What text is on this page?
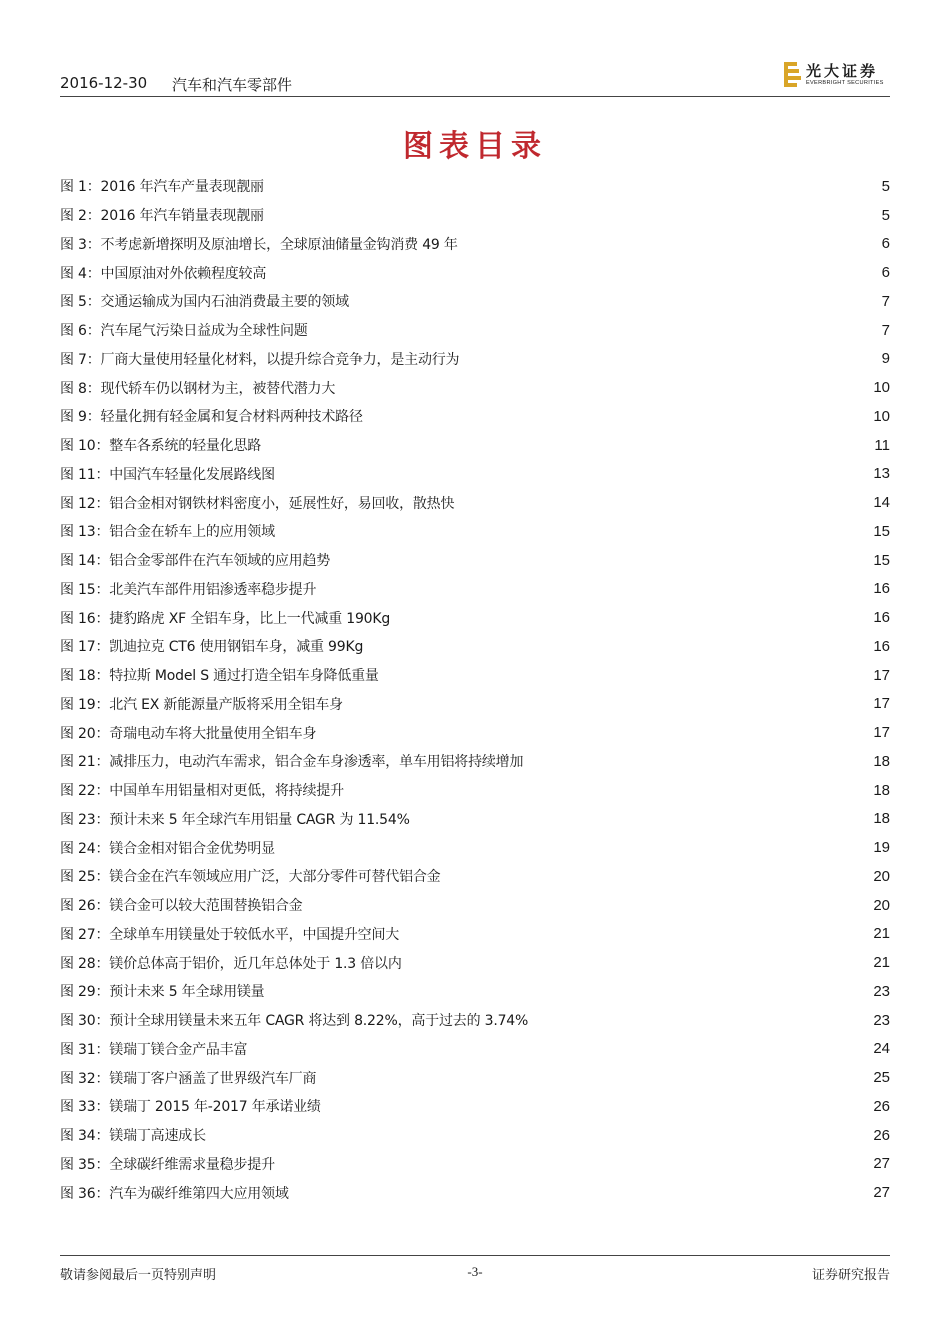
2016-12-30 汽车和汽车零部件
光大证券
EVERBRIGHT SECURITIES
图表目录
图 1：2016 年汽车产量表现靓丽	5
图 2：2016 年汽车销量表现靓丽	5
图 3：不考虑新增探明及原油增长，全球原油储量金钩消费 49 年	6
图 4：中国原油对外依赖程度较高	6
图 5：交通运输成为国内石油消费最主要的领域	7
图 6：汽车尾气污染日益成为全球性问题	7
图 7：厂商大量使用轻量化材料，以提升综合竞争力，是主动行为	9
图 8：现代轿车仍以钢材为主，被替代潜力大	10
图 9：轻量化拥有轻金属和复合材料两种技术路径	10
图 10：整车各系统的轻量化思路	11
图 11：中国汽车轻量化发展路线图	13
图 12：铝合金相对钢铁材料密度小，延展性好，易回收，散热快	14
图 13：铝合金在轿车上的应用领域	15
图 14：铝合金零部件在汽车领域的应用趋势	15
图 15：北美汽车部件用铝渗透率稳步提升	16
图 16：捷豹路虎 XF 全铝车身，比上一代减重 190Kg	16
图 17：凯迪拉克 CT6 使用钢铝车身，减重 99Kg	16
图 18：特拉斯 Model S 通过打造全铝车身降低重量	17
图 19：北汽 EX 新能源量产版将采用全铝车身	17
图 20：奇瑞电动车将大批量使用全铝车身	17
图 21：减排压力，电动汽车需求，铝合金车身渗透率，单车用铝将持续增加	18
图 22：中国单车用铝量相对更低，将持续提升	18
图 23：预计未来 5 年全球汽车用铝量 CAGR 为 11.54%	18
图 24：镁合金相对铝合金优势明显	19
图 25：镁合金在汽车领域应用广泛，大部分零件可替代铝合金	20
图 26：镁合金可以较大范围替换铝合金	20
图 27：全球单车用镁量处于较低水平，中国提升空间大	21
图 28：镁价总体高于铝价，近几年总体处于 1.3 倍以内	21
图 29：预计未来 5 年全球用镁量	23
图 30：预计全球用镁量未来五年 CAGR 将达到 8.22%，高于过去的 3.74%	23
图 31：镁瑞丁镁合金产品丰富	24
图 32：镁瑞丁客户涵盖了世界级汽车厂商	25
图 33：镁瑞丁 2015 年-2017 年承诺业绩	26
图 34：镁瑞丁高速成长	26
图 35：全球碳纤维需求量稳步提升	27
图 36：汽车为碳纤维第四大应用领域	27
敬请参阅最后一页特别声明	-3-	证券研究报告
